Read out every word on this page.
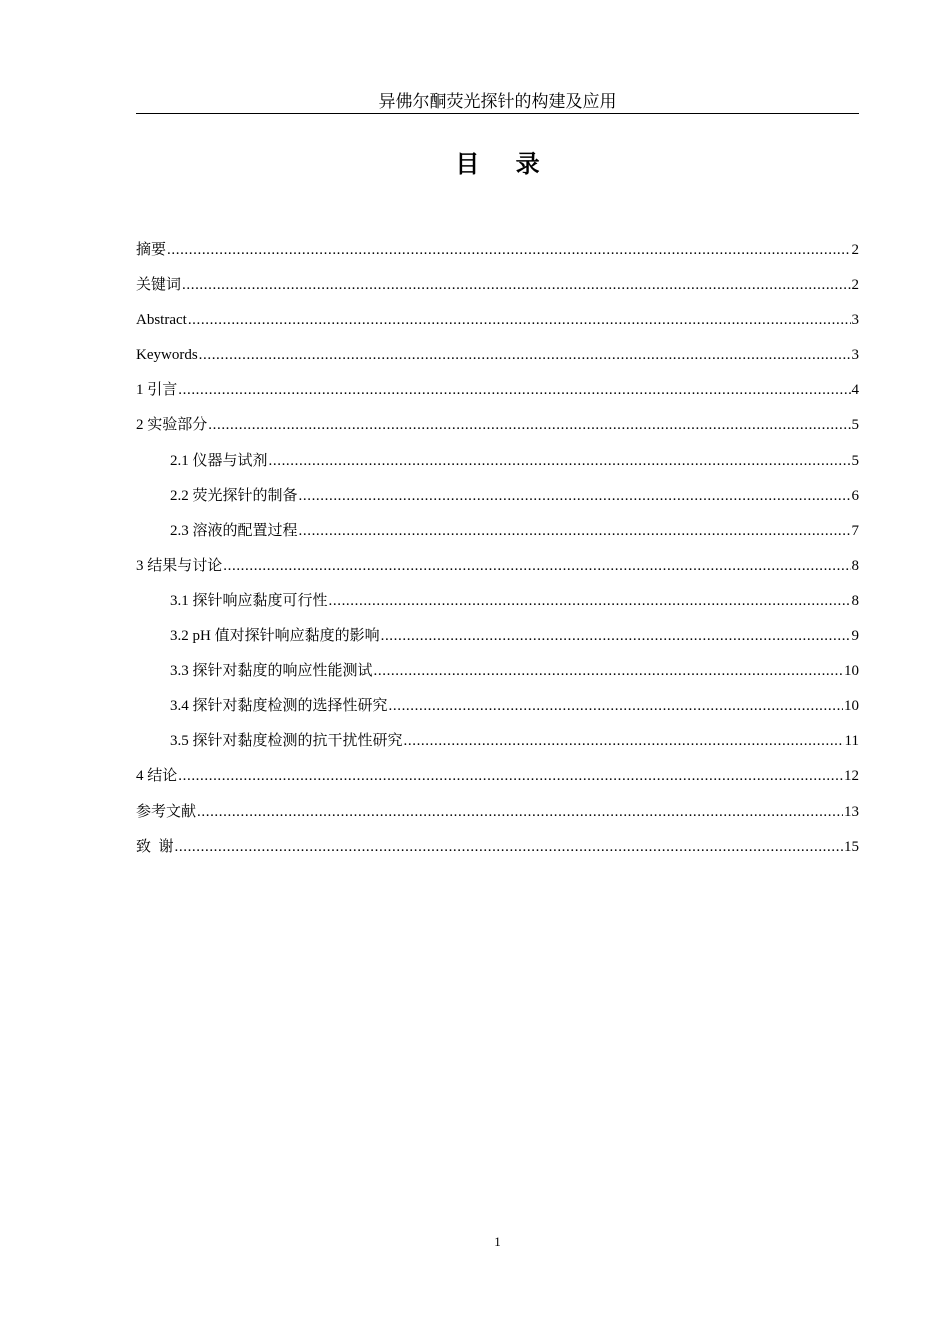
异佛尔酮荧光探针的构建及应用
目 录
摘要 .....	2
关键词 .....	2
Abstract .....	3
Keywords .....	3
1 引言 .....	4
2 实验部分 .....	5
2.1 仪器与试剂 .....	5
2.2 荧光探针的制备 .....	6
2.3 溶液的配置过程 .....	7
3 结果与讨论 .....	8
3.1 探针响应黏度可行性 .....	8
3.2 pH 值对探针响应黏度的影响 .....	9
3.3 探针对黏度的响应性能测试 .....	10
3.4 探针对黏度检测的选择性研究 .....	10
3.5 探针对黏度检测的抗干扰性研究 .....	11
4 结论 .....	12
参考文献 .....	13
致  谢 .....	15
1
